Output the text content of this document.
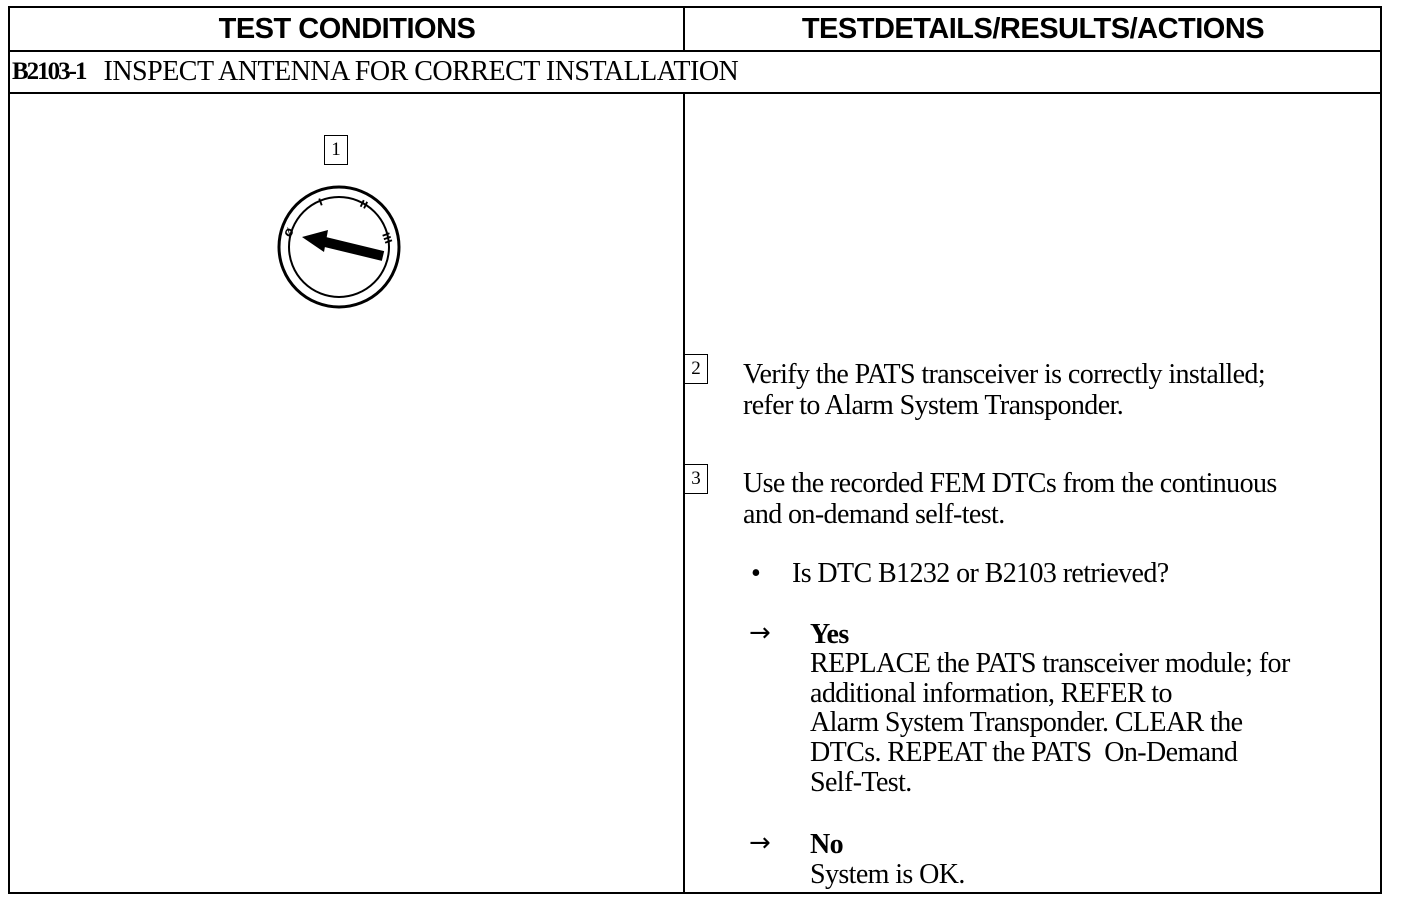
TEST CONDITIONS	TESTDETAILS/RESULTS/ACTIONS
B2103-1 INSPECT ANTENNA FOR CORRECT INSTALLATION
1
Ø
I	II
III
2 Verify the PATS transceiver is correctly installed;
refer to Alarm System Transponder.
3 Use the recorded FEM DTCs from the continuous
and on-demand self-test.
• Is DTC B1232 or B2103 retrieved?
→ Yes
REPLACE the PATS transceiver module; for
additional information, REFER to
Alarm System Transponder. CLEAR the
DTCs. REPEAT the PATS  On-Demand
Self-Test.
→ No
System is OK.
